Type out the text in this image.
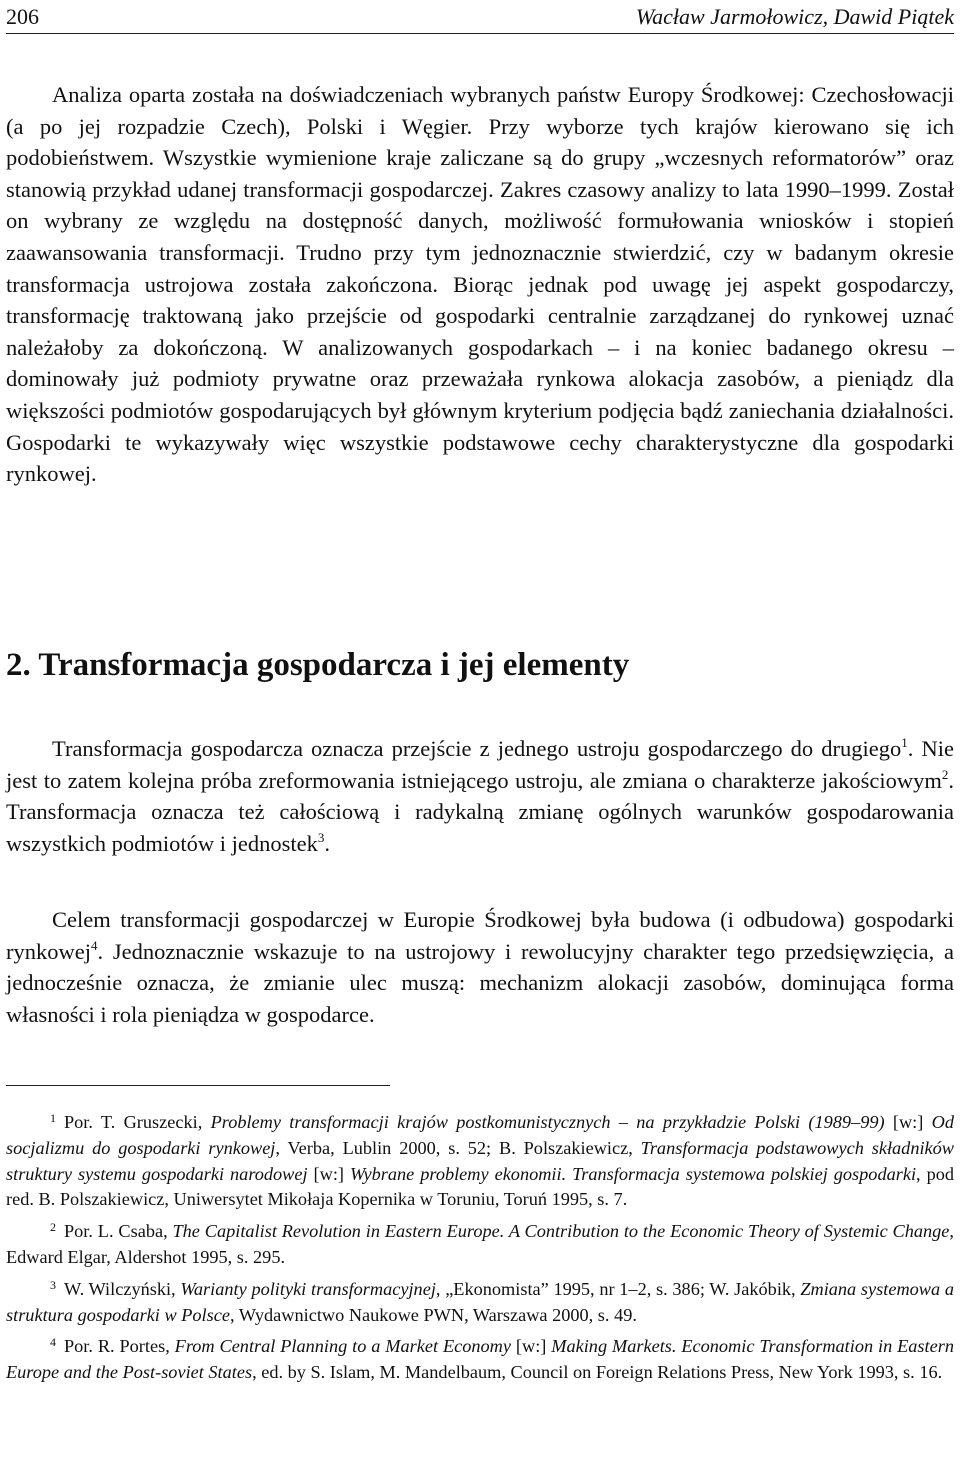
206	Wacław Jarmołowicz, Dawid Piątek

Analiza oparta została na doświadczeniach wybranych państw Europy Środkowej: Czechosłowacji (a po jej rozpadzie Czech), Polski i Węgier. Przy wyborze tych krajów kierowano się ich podobieństwem. Wszystkie wymienione kraje zaliczane są do grupy „wczesnych reformatorów” oraz stanowią przykład udanej transformacji gospodarczej. Zakres czasowy analizy to lata 1990–1999. Został on wybrany ze względu na dostępność danych, możliwość formułowania wniosków i stopień zaawansowania transformacji. Trudno przy tym jednoznacznie stwierdzić, czy w badanym okresie transformacja ustrojowa została zakończona. Biorąc jednak pod uwagę jej aspekt gospodarczy, transformację traktowaną jako przejście od gospodarki centralnie zarządzanej do rynkowej uznać należałoby za dokończoną. W analizowanych gospodarkach – i na koniec badanego okresu – dominowały już podmioty prywatne oraz przeważała rynkowa alokacja zasobów, a pieniądz dla większości podmiotów gospodarujących był głównym kryterium podjęcia bądź zaniechania działalności. Gospodarki te wykazywały więc wszystkie podstawowe cechy charakterystyczne dla gospodarki rynkowej.

2. Transformacja gospodarcza i jej elementy

Transformacja gospodarcza oznacza przejście z jednego ustroju gospodarczego do drugiego$^1$. Nie jest to zatem kolejna próba zreformowania istniejącego ustroju, ale zmiana o charakterze jakościowym$^2$. Transformacja oznacza też całościową i radykalną zmianę ogólnych warunków gospodarowania wszystkich podmiotów i jednostek$^3$.

Celem transformacji gospodarczej w Europie Środkowej była budowa (i odbudowa) gospodarki rynkowej$^4$. Jednoznacznie wskazuje to na ustrojowy i rewolucyjny charakter tego przedsięwzięcia, a jednocześnie oznacza, że zmianie ulec muszą: mechanizm alokacji zasobów, dominująca forma własności i rola pieniądza w gospodarce.

$^1$ Por. T. Gruszecki, Problemy transformacji krajów postkomunistycznych – na przykładzie Polski (1989–99) [w:] Od socjalizmu do gospodarki rynkowej, Verba, Lublin 2000, s. 52; B. Polszakiewicz, Transformacja podstawowych składników struktury systemu gospodarki narodowej [w:] Wybrane problemy ekonomii. Transformacja systemowa polskiej gospodarki, pod red. B. Polszakiewicz, Uniwersytet Mikołaja Kopernika w Toruniu, Toruń 1995, s. 7.

$^2$ Por. L. Csaba, The Capitalist Revolution in Eastern Europe. A Contribution to the Economic Theory of Systemic Change, Edward Elgar, Aldershot 1995, s. 295.

$^3$ W. Wilczyński, Warianty polityki transformacyjnej, „Ekonomista” 1995, nr 1–2, s. 386; W. Jakóbik, Zmiana systemowa a struktura gospodarki w Polsce, Wydawnictwo Naukowe PWN, Warszawa 2000, s. 49.

$^4$ Por. R. Portes, From Central Planning to a Market Economy [w:] Making Markets. Economic Transformation in Eastern Europe and the Post-soviet States, ed. by S. Islam, M. Mandelbaum, Council on Foreign Relations Press, New York 1993, s. 16.
